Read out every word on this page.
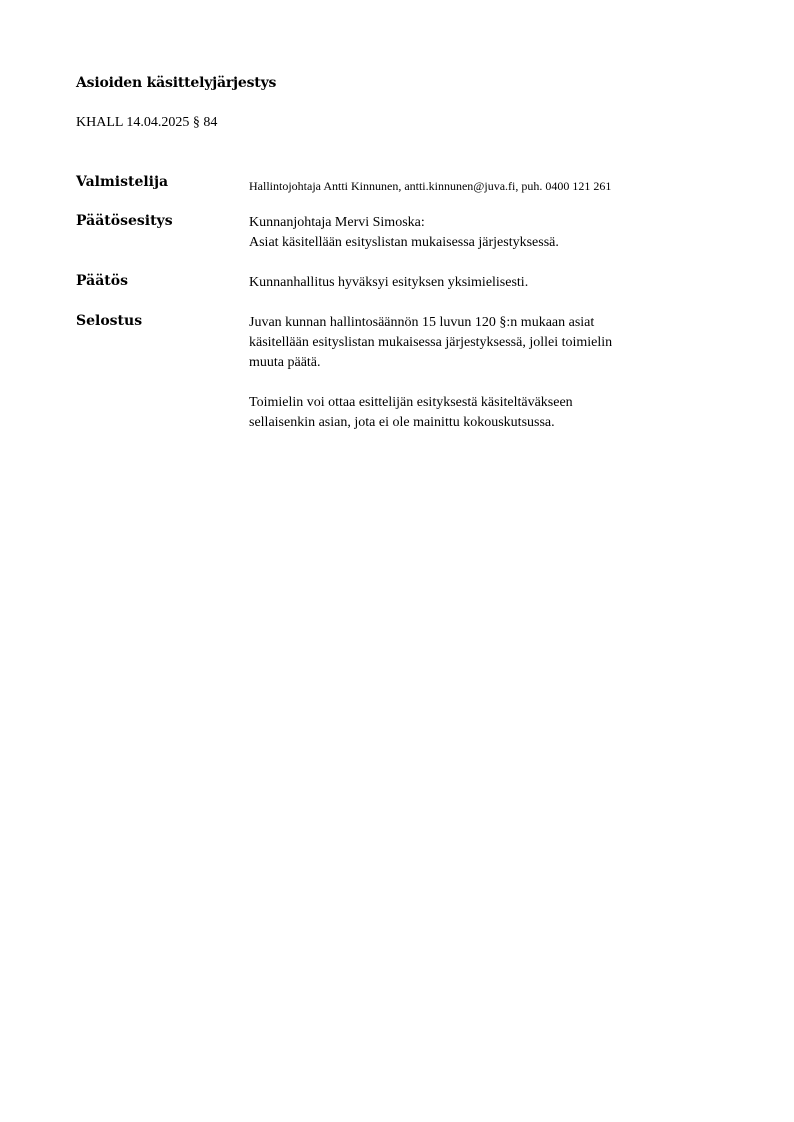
Asioiden käsittelyjärjestys
KHALL 14.04.2025 § 84
Valmistelija	Hallintojohtaja Antti Kinnunen, antti.kinnunen@juva.fi, puh. 0400 121 261
Päätösesitys	Kunnanjohtaja Mervi Simoska:
Asiat käsitellään esityslistan mukaisessa järjestyksessä.
Päätös	Kunnanhallitus hyväksyi esityksen yksimielisesti.
Selostus	Juvan kunnan hallintosäännön 15 luvun 120 §:n mukaan asiat
käsitellään esityslistan mukaisessa järjestyksessä, jollei toimielin
muuta päätä.
Toimielin voi ottaa esittelijän esityksestä käsiteltäväkseen
sellaisenkin asian, jota ei ole mainittu kokouskutsussa.
